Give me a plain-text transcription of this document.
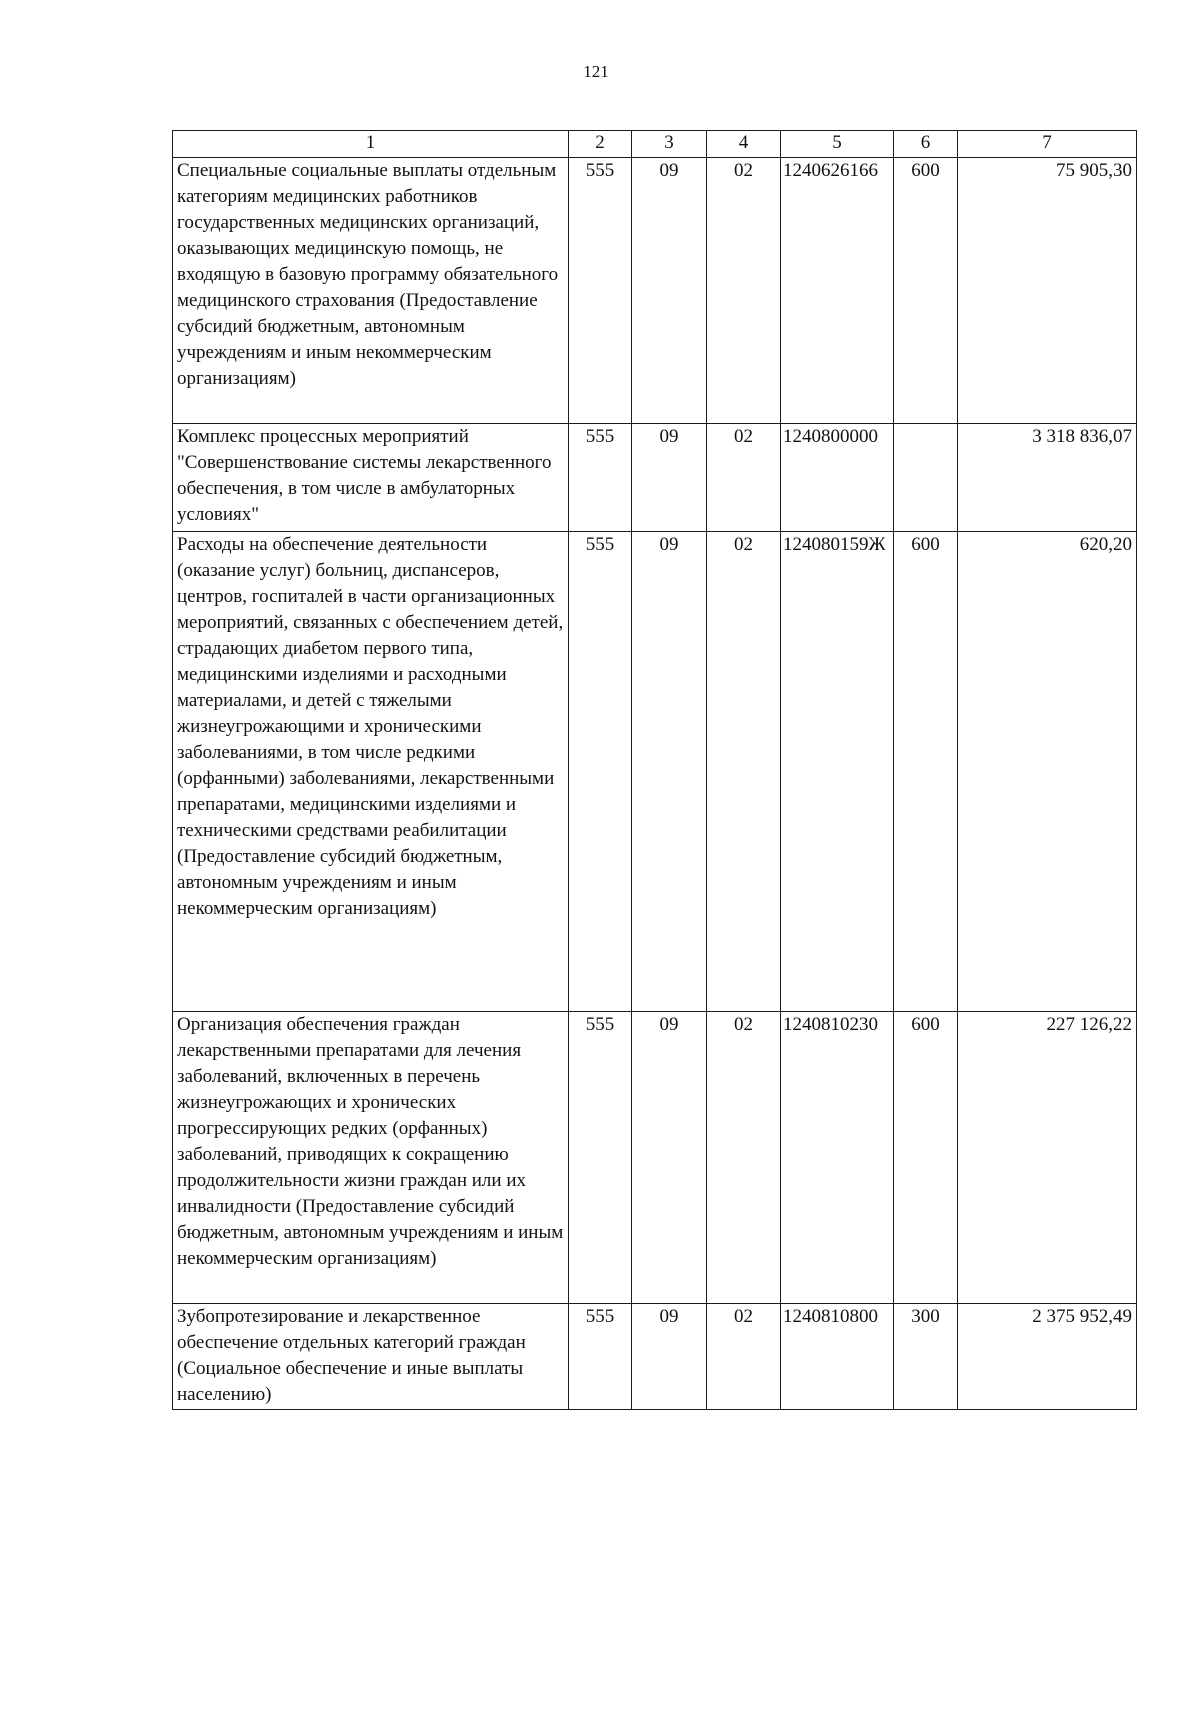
121
1	2	3	4	5	6	7
Специальные социальные выплаты отдельным категориям медицинских работников государственных медицинских организаций, оказывающих медицинскую помощь, не входящую в базовую программу обязательного медицинского страхования (Предоставление субсидий бюджетным, автономным учреждениям и иным некоммерческим организациям)	555	09	02	1240626166	600	75 905,30
Комплекс процессных мероприятий "Совершенствование системы лекарственного обеспечения, в том числе в амбулаторных условиях"	555	09	02	1240800000		3 318 836,07
Расходы на обеспечение деятельности (оказание услуг) больниц, диспансеров, центров, госпиталей в части организационных мероприятий, связанных с обеспечением детей, страдающих диабетом первого типа, медицинскими изделиями и расходными материалами, и детей с тяжелыми жизнеугрожающими и хроническими заболеваниями, в том числе редкими (орфанными) заболеваниями, лекарственными препаратами, медицинскими изделиями и техническими средствами реабилитации (Предоставление субсидий бюджетным, автономным учреждениям и иным некоммерческим организациям)	555	09	02	124080159Ж	600	620,20
Организация обеспечения граждан лекарственными препаратами для лечения заболеваний, включенных в перечень жизнеугрожающих и хронических прогрессирующих редких (орфанных) заболеваний, приводящих к сокращению продолжительности жизни граждан или их инвалидности (Предоставление субсидий бюджетным, автономным учреждениям и иным некоммерческим организациям)	555	09	02	1240810230	600	227 126,22
Зубопротезирование и лекарственное обеспечение отдельных категорий граждан (Социальное обеспечение и иные выплаты населению)	555	09	02	1240810800	300	2 375 952,49
